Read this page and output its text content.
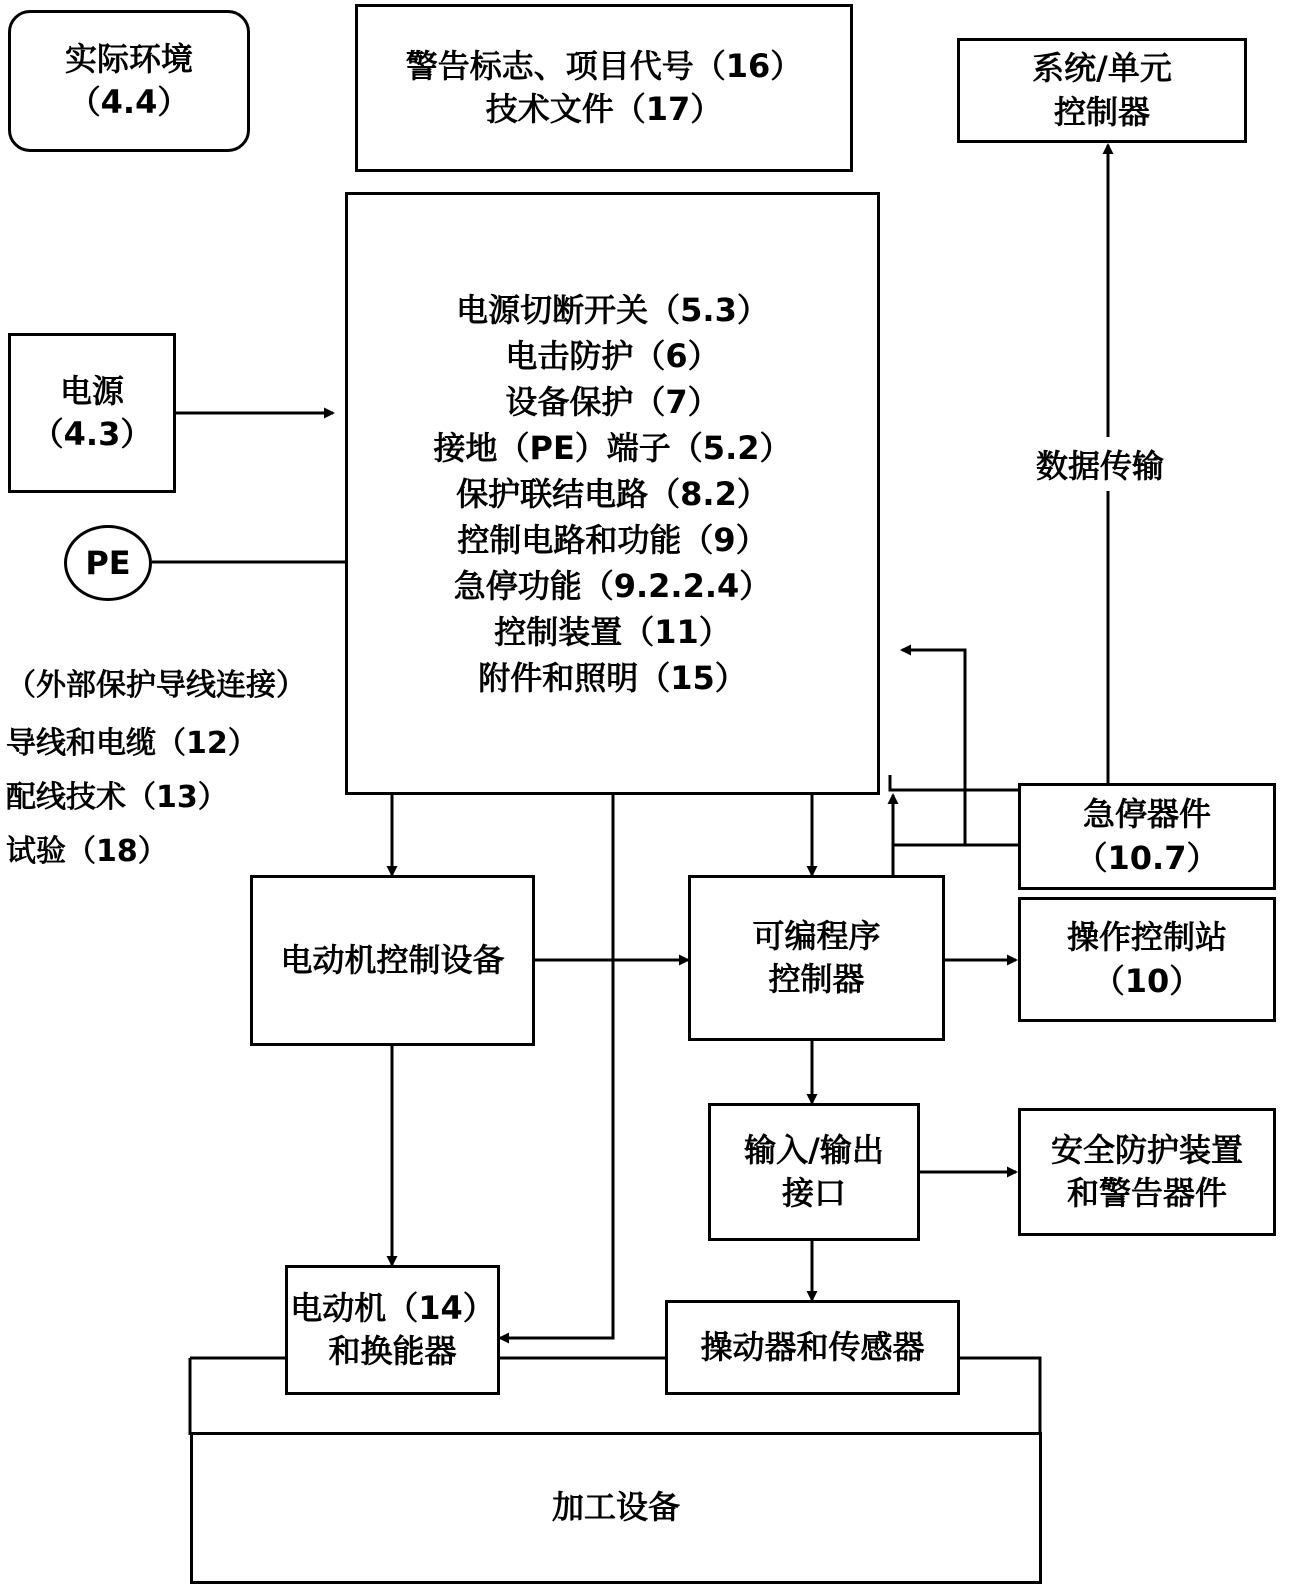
实际环境
（4.4）
警告标志、项目代号（16）
技术文件（17）
系统/单元
控制器
电源切断开关（5.3）
电击防护（6）
设备保护（7）
接地（PE）端子（5.2）
保护联结电路（8.2）
控制电路和功能（9）
急停功能（9.2.2.4）
控制装置（11）
附件和照明（15）
电源
（4.3）
PE
（外部保护导线连接）
导线和电缆（12）
配线技术（13）
试验（18）
数据传输
急停器件
（10.7）
操作控制站
（10）
电动机控制设备
可编程序
控制器
输入/输出
接口
安全防护装置
和警告器件
电动机（14）
和换能器	操动器和传感器
加工设备
